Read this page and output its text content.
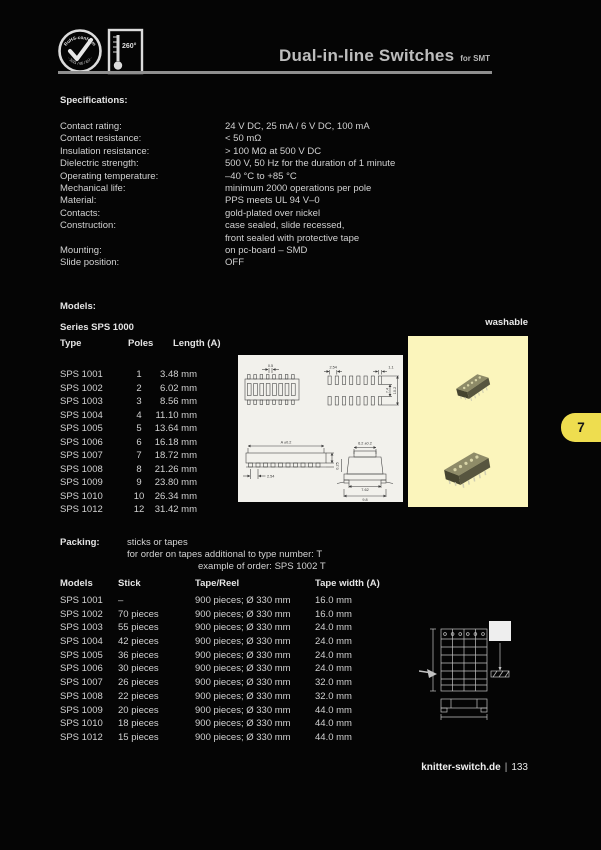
RoHS-conform
- 2011 / 65 / EU -
260°	Dual-in-line Switches for SMT
Specifications:
Contact rating:	24 V DC, 25 mA / 6 V DC, 100 mA
Contact resistance:	< 50 mΩ
Insulation resistance:	> 100 MΩ at 500 V DC
Dielectric strength:	500 V, 50 Hz for the duration of 1 minute
Operating temperature:	–40 °C to +85 °C
Mechanical life:	minimum 2000 operations per pole
Material:	PPS meets UL 94 V–0
Contacts:	gold-plated over nickel
Construction:	case sealed, slide recessed,
front sealed with protective tape
Mounting:	on pc-board – SMD
Slide position:	OFF
Models:
Series SPS 1000	washable
Type	Poles Length (A)
SPS 1001	1	3.48 mm
SPS 1002	2	6.02 mm
SPS 1003	3	8.56 mm
SPS 1004	4	11.10 mm
SPS 1005	5	13.64 mm
SPS 1006	6	16.18 mm
SPS 1007	7	18.72 mm
SPS 1008	8	21.26 mm
SPS 1009	9	23.80 mm
SPS 1010	10	26.34 mm
SPS 1012	12	31.42 mm
0.5	2.54	1.1
7.4 10.2
A ±0.2
2.54
6.2 ±0.2
0.25
7.62
9.8
7
Packing:	sticks or tapes
for order on tapes additional to type number: T
example of order: SPS 1002 T
Models	Stick	Tape/Reel	Tape width (A)
SPS 1001	–	900 pieces; Ø 330 mm	16.0 mm
SPS 1002	70 pieces	900 pieces; Ø 330 mm	16.0 mm
SPS 1003	55 pieces	900 pieces; Ø 330 mm	24.0 mm
SPS 1004	42 pieces	900 pieces; Ø 330 mm	24.0 mm
SPS 1005	36 pieces	900 pieces; Ø 330 mm	24.0 mm
SPS 1006	30 pieces	900 pieces; Ø 330 mm	24.0 mm
SPS 1007	26 pieces	900 pieces; Ø 330 mm	32.0 mm
SPS 1008	22 pieces	900 pieces; Ø 330 mm	32.0 mm
SPS 1009	20 pieces	900 pieces; Ø 330 mm	44.0 mm
SPS 1010	18 pieces	900 pieces; Ø 330 mm	44.0 mm
SPS 1012	15 pieces	900 pieces; Ø 330 mm	44.0 mm
knitter-switch.de | 133
